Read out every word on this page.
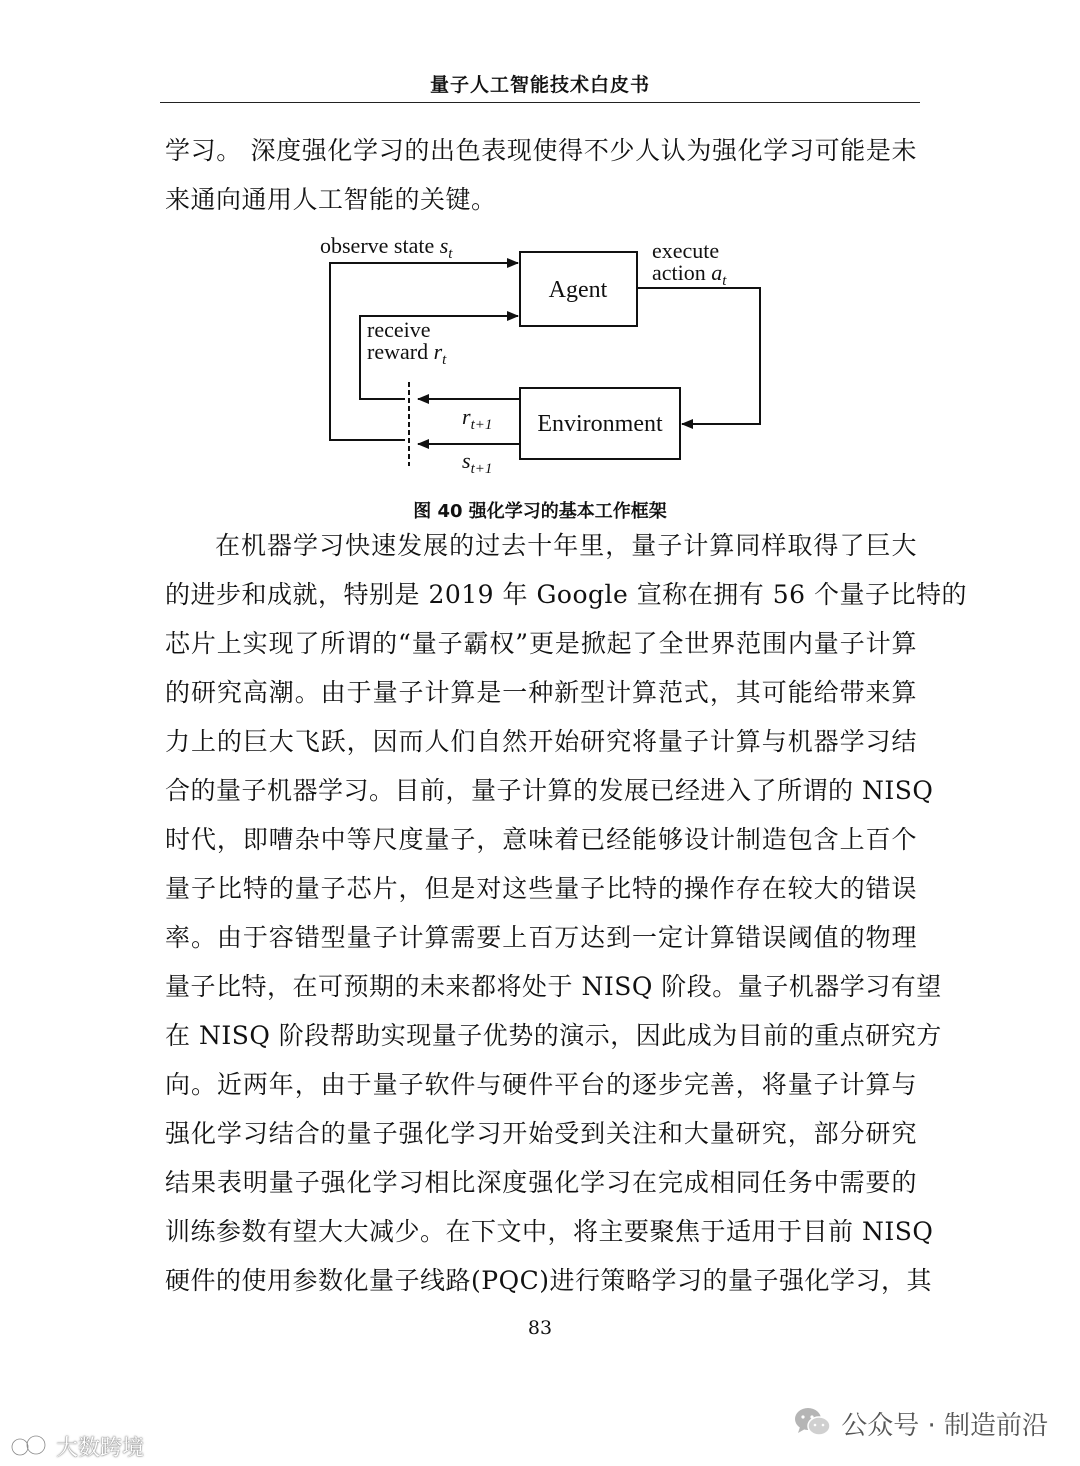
量子人工智能技术白皮书
学习。 深度强化学习的出色表现使得不少人认为强化学习可能是未
来通向通用人工智能的关键。
Agent
Environment
observe state $s_t$	execute
action $a_t$
receive
reward $r_t$
$r_{t+1}$
$s_{t+1}$
图 40 强化学习的基本工作框架
在机器学习快速发展的过去十年里，量子计算同样取得了巨大
的进步和成就，特别是 2019 年 Google 宣称在拥有 56 个量子比特的
芯片上实现了所谓的“量子霸权”更是掀起了全世界范围内量子计算
的研究高潮。由于量子计算是一种新型计算范式，其可能给带来算
力上的巨大飞跃，因而人们自然开始研究将量子计算与机器学习结
合的量子机器学习。目前，量子计算的发展已经进入了所谓的 NISQ
时代，即嘈杂中等尺度量子，意味着已经能够设计制造包含上百个
量子比特的量子芯片，但是对这些量子比特的操作存在较大的错误
率。由于容错型量子计算需要上百万达到一定计算错误阈值的物理
量子比特，在可预期的未来都将处于 NISQ 阶段。量子机器学习有望
在 NISQ 阶段帮助实现量子优势的演示，因此成为目前的重点研究方
向。近两年，由于量子软件与硬件平台的逐步完善，将量子计算与
强化学习结合的量子强化学习开始受到关注和大量研究，部分研究
结果表明量子强化学习相比深度强化学习在完成相同任务中需要的
训练参数有望大大减少。在下文中，将主要聚焦于适用于目前 NISQ
硬件的使用参数化量子线路(PQC)进行策略学习的量子强化学习，其
83
公众号 · 制造前沿
大数跨境
